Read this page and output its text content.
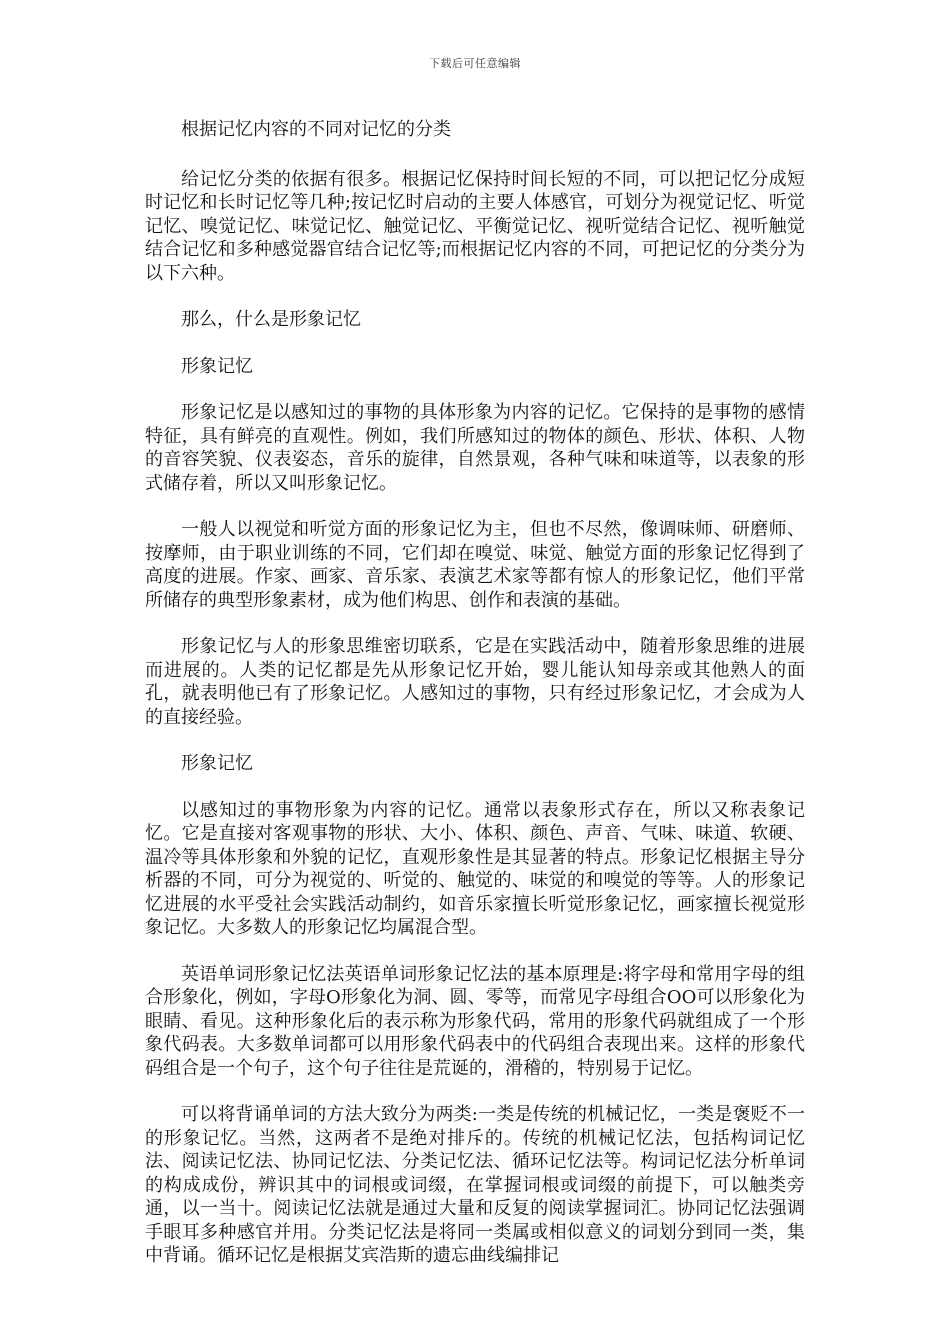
下载后可任意编辑

根据记忆内容的不同对记忆的分类

给记忆分类的依据有很多。根据记忆保持时间长短的不同，可以把记忆分成短时记忆和长时记忆等几种;按记忆时启动的主要人体感官，可划分为视觉记忆、听觉记忆、嗅觉记忆、味觉记忆、触觉记忆、平衡觉记忆、视听觉结合记忆、视听触觉结合记忆和多种感觉器官结合记忆等;而根据记忆内容的不同，可把记忆的分类分为以下六种。

那么，什么是形象记忆

形象记忆

形象记忆是以感知过的事物的具体形象为内容的记忆。它保持的是事物的感情特征，具有鲜亮的直观性。例如，我们所感知过的物体的颜色、形状、体积、人物的音容笑貌、仪表姿态，音乐的旋律，自然景观，各种气味和味道等，以表象的形式储存着，所以又叫形象记忆。

一般人以视觉和听觉方面的形象记忆为主，但也不尽然，像调味师、研磨师、按摩师，由于职业训练的不同，它们却在嗅觉、味觉、触觉方面的形象记忆得到了高度的进展。作家、画家、音乐家、表演艺术家等都有惊人的形象记忆，他们平常所储存的典型形象素材，成为他们构思、创作和表演的基础。

形象记忆与人的形象思维密切联系，它是在实践活动中，随着形象思维的进展而进展的。人类的记忆都是先从形象记忆开始，婴儿能认知母亲或其他熟人的面孔，就表明他已有了形象记忆。人感知过的事物，只有经过形象记忆，才会成为人的直接经验。

形象记忆

以感知过的事物形象为内容的记忆。通常以表象形式存在，所以又称表象记忆。它是直接对客观事物的形状、大小、体积、颜色、声音、气味、味道、软硬、温冷等具体形象和外貌的记忆，直观形象性是其显著的特点。形象记忆根据主导分析器的不同，可分为视觉的、听觉的、触觉的、味觉的和嗅觉的等等。人的形象记忆进展的水平受社会实践活动制约，如音乐家擅长听觉形象记忆，画家擅长视觉形象记忆。大多数人的形象记忆均属混合型。

英语单词形象记忆法英语单词形象记忆法的基本原理是:将字母和常用字母的组合形象化，例如，字母O形象化为洞、圆、零等，而常见字母组合OO可以形象化为眼睛、看见。这种形象化后的表示称为形象代码，常用的形象代码就组成了一个形象代码表。大多数单词都可以用形象代码表中的代码组合表现出来。这样的形象代码组合是一个句子，这个句子往往是荒诞的，滑稽的，特别易于记忆。

可以将背诵单词的方法大致分为两类:一类是传统的机械记忆，一类是褒贬不一的形象记忆。当然，这两者不是绝对排斥的。传统的机械记忆法，包括构词记忆法、阅读记忆法、协同记忆法、分类记忆法、循环记忆法等。构词记忆法分析单词的构成成份，辨识其中的词根或词缀，在掌握词根或词缀的前提下，可以触类旁通，以一当十。阅读记忆法就是通过大量和反复的阅读掌握词汇。协同记忆法强调手眼耳多种感官并用。分类记忆法是将同一类属或相似意义的词划分到同一类，集中背诵。循环记忆是根据艾宾浩斯的遗忘曲线编排记
